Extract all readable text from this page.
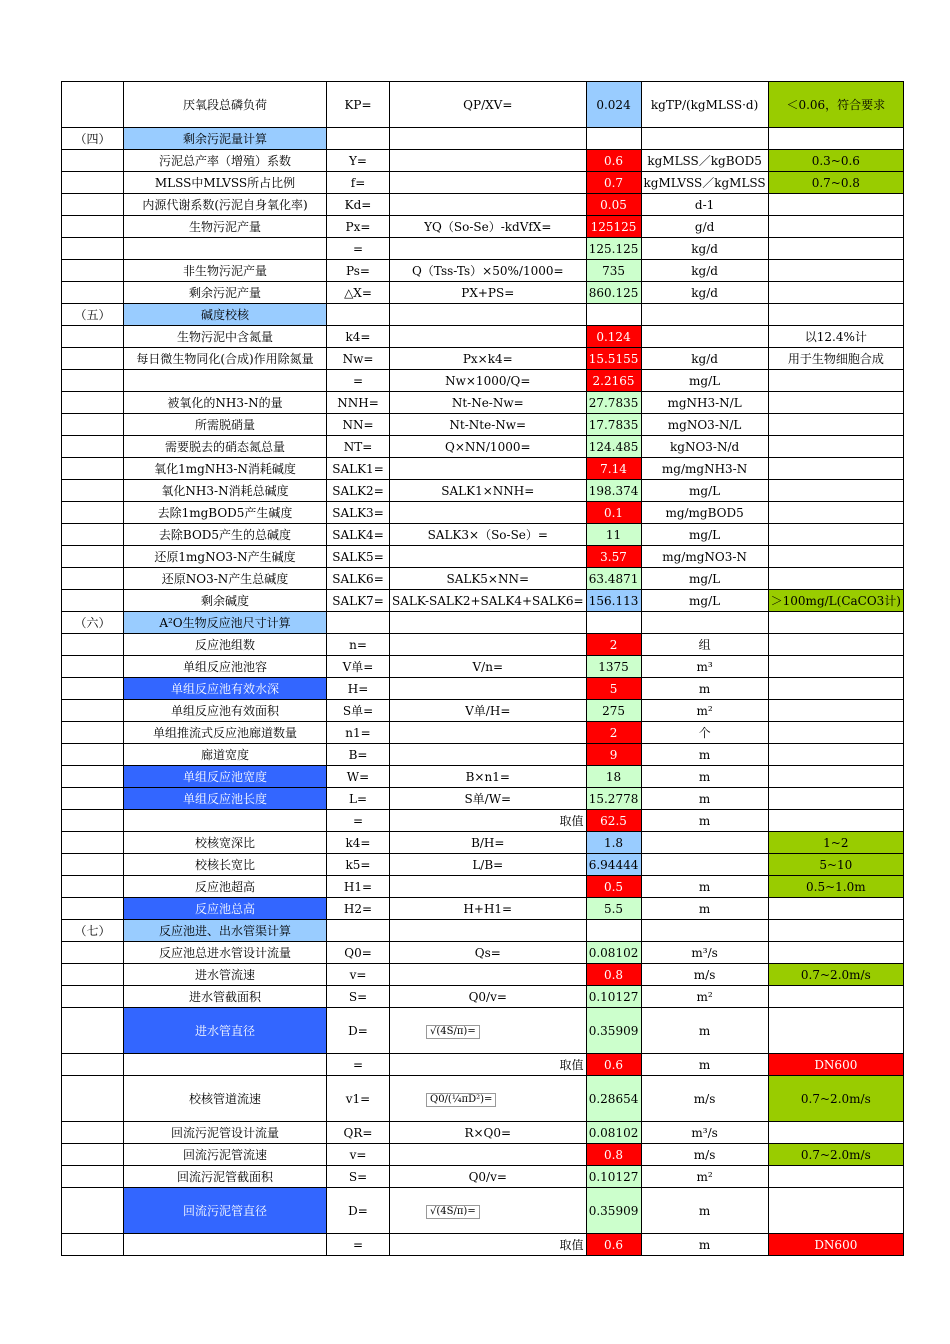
	厌氧段总磷负荷	KP=	QP/XV=	0.024	kgTP/(kgMLSS·d)	＜0.06，符合要求
（四）	剩余污泥量计算					
	污泥总产率（增殖）系数	Y=		0.6	kgMLSS／kgBOD5	0.3~0.6
	MLSS中MLVSS所占比例	f=		0.7	kgMLVSS／kgMLSS	0.7~0.8
	内源代谢系数(污泥自身氧化率)	Kd=		0.05	d-1	
	生物污泥产量	Px=	YQ（So-Se）-kdVfX=	125125	g/d	
		=		125.125	kg/d	
	非生物污泥产量	Ps=	Q（Tss-Ts）×50%/1000=	735	kg/d	
	剩余污泥产量	△X=	PX+PS=	860.125	kg/d	
（五）	碱度校核					
	生物污泥中含氮量	k4=		0.124		以12.4%计
	每日微生物同化(合成)作用除氮量	Nw=	Px×k4=	15.5155	kg/d	用于生物细胞合成
		=	Nw×1000/Q=	2.2165	mg/L	
	被氧化的NH3-N的量	NNH=	Nt-Ne-Nw=	27.7835	mgNH3-N/L	
	所需脱硝量	NN=	Nt-Nte-Nw=	17.7835	mgNO3-N/L	
	需要脱去的硝态氮总量	NT=	Q×NN/1000=	124.485	kgNO3-N/d	
	氧化1mgNH3-N消耗碱度	SALK1=		7.14	mg/mgNH3-N	
	氧化NH3-N消耗总碱度	SALK2=	SALK1×NNH=	198.374	mg/L	
	去除1mgBOD5产生碱度	SALK3=		0.1	mg/mgBOD5	
	去除BOD5产生的总碱度	SALK4=	SALK3×（So-Se）=	11	mg/L	
	还原1mgNO3-N产生碱度	SALK5=		3.57	mg/mgNO3-N	
	还原NO3-N产生总碱度	SALK6=	SALK5×NN=	63.4871	mg/L	
	剩余碱度	SALK7=	SALK-SALK2+SALK4+SALK6=	156.113	mg/L	＞100mg/L(CaCO3计)
（六）	A²O生物反应池尺寸计算					
	反应池组数	n=		2	组	
	单组反应池池容	V单=	V/n=	1375	m³	
	单组反应池有效水深	H=		5	m	
	单组反应池有效面积	S单=	V单/H=	275	m²	
	单组推流式反应池廊道数量	n1=		2	个	
	廊道宽度	B=		9	m	
	单组反应池宽度	W=	B×n1=	18	m	
	单组反应池长度	L=	S单/W=	15.2778	m	
		=	取值	62.5	m	
	校核宽深比	k4=	B/H=	1.8		1~2
	校核长宽比	k5=	L/B=	6.94444		5~10
	反应池超高	H1=		0.5	m	0.5~1.0m
	反应池总高	H2=	H+H1=	5.5	m	
（七）	反应池进、出水管渠计算					
	反应池总进水管设计流量	Q0=	Qs=	0.08102	m³/s	
	进水管流速	v=		0.8	m/s	0.7~2.0m/s
	进水管截面积	S=	Q0/v=	0.10127	m²	
	进水管直径	D=	√(4S/π)=	0.35909	m	
		=	取值	0.6	m	DN600
	校核管道流速	v1=	Q0/(¼πD²)=	0.28654	m/s	0.7~2.0m/s
	回流污泥管设计流量	QR=	R×Q0=	0.08102	m³/s	
	回流污泥管流速	v=		0.8	m/s	0.7~2.0m/s
	回流污泥管截面积	S=	Q0/v=	0.10127	m²	
	回流污泥管直径	D=	√(4S/π)=	0.35909	m	
		=	取值	0.6	m	DN600
